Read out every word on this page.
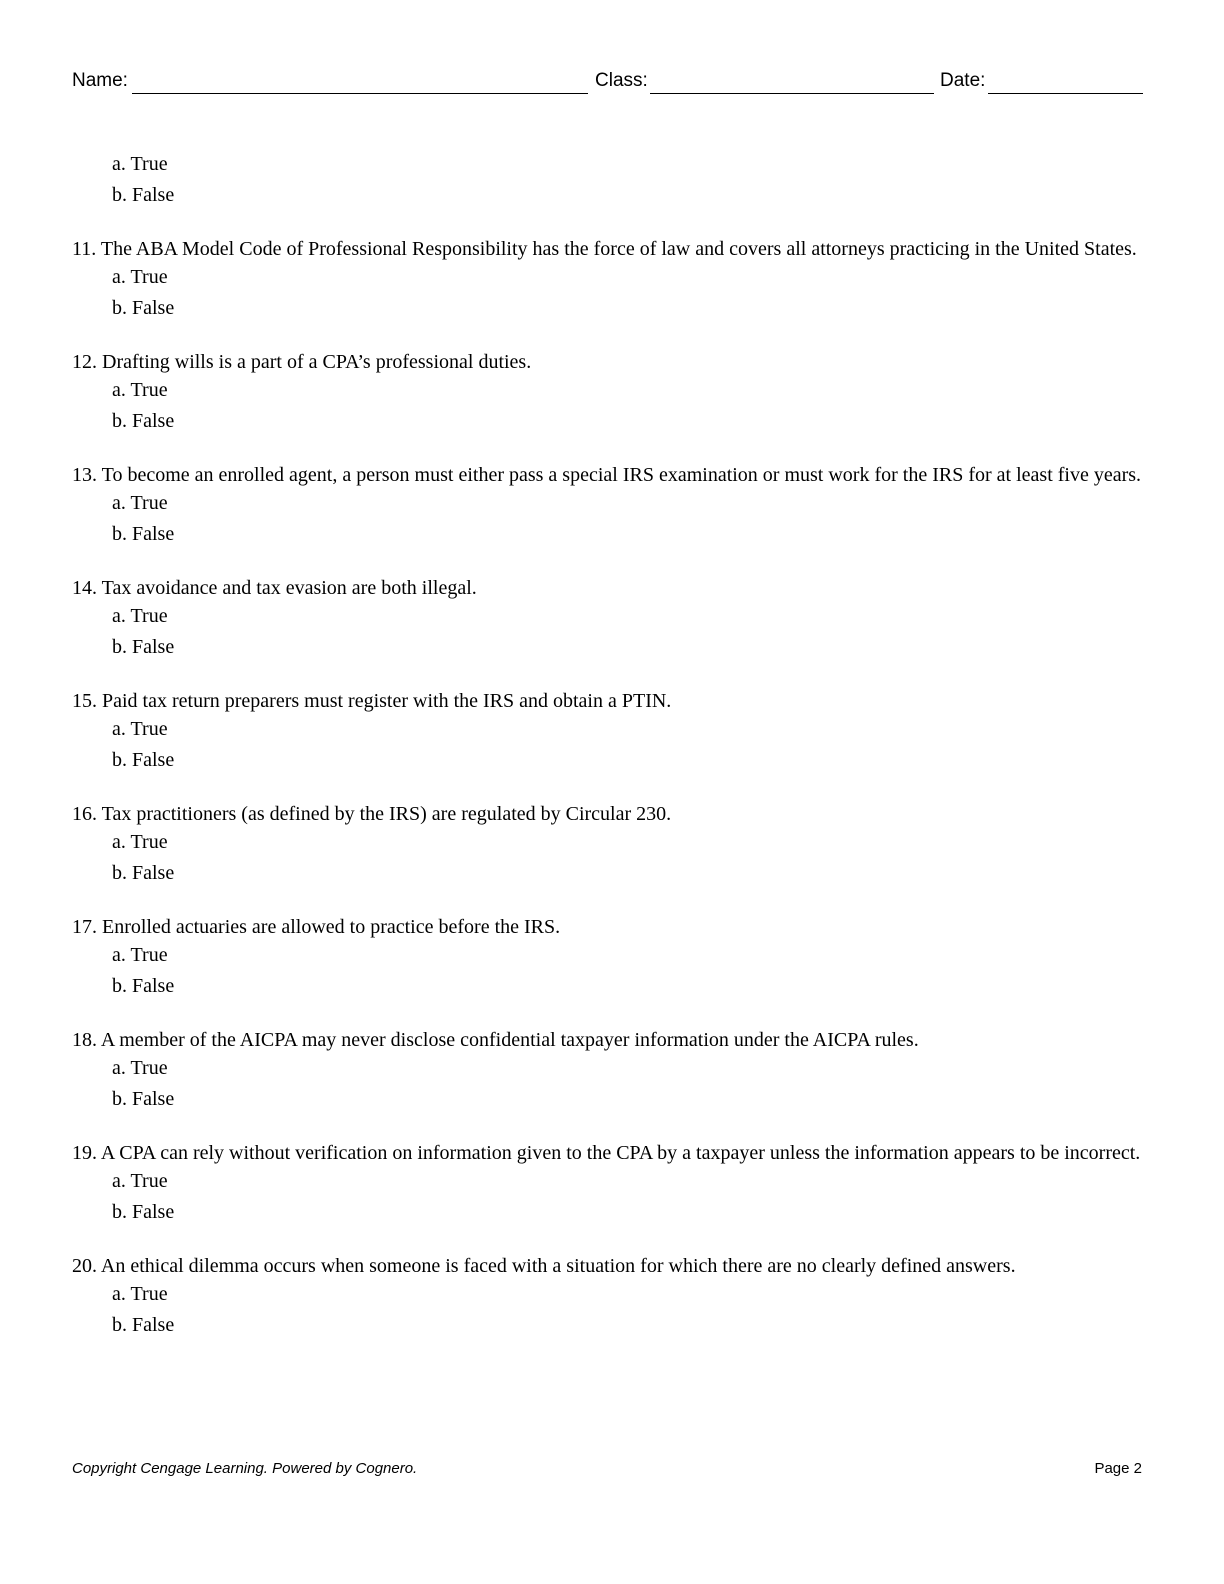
Name:	Class:	Date:
a. True
b. False

11. The ABA Model Code of Professional Responsibility has the force of law and covers all attorneys practicing in the United States.

a. True
b. False

12. Drafting wills is a part of a CPA’s professional duties.

a. True
b. False

13. To become an enrolled agent, a person must either pass a special IRS examination or must work for the IRS for at least five years.

a. True
b. False

14. Tax avoidance and tax evasion are both illegal.

a. True
b. False

15. Paid tax return preparers must register with the IRS and obtain a PTIN.

a. True
b. False

16. Tax practitioners (as defined by the IRS) are regulated by Circular 230.

a. True
b. False

17. Enrolled actuaries are allowed to practice before the IRS.

a. True
b. False

18. A member of the AICPA may never disclose confidential taxpayer information under the AICPA rules.

a. True
b. False

19. A CPA can rely without verification on information given to the CPA by a taxpayer unless the information appears to be incorrect.

a. True
b. False

20. An ethical dilemma occurs when someone is faced with a situation for which there are no clearly defined answers.

a. True
b. False
Copyright Cengage Learning. Powered by Cognero.	Page 2
